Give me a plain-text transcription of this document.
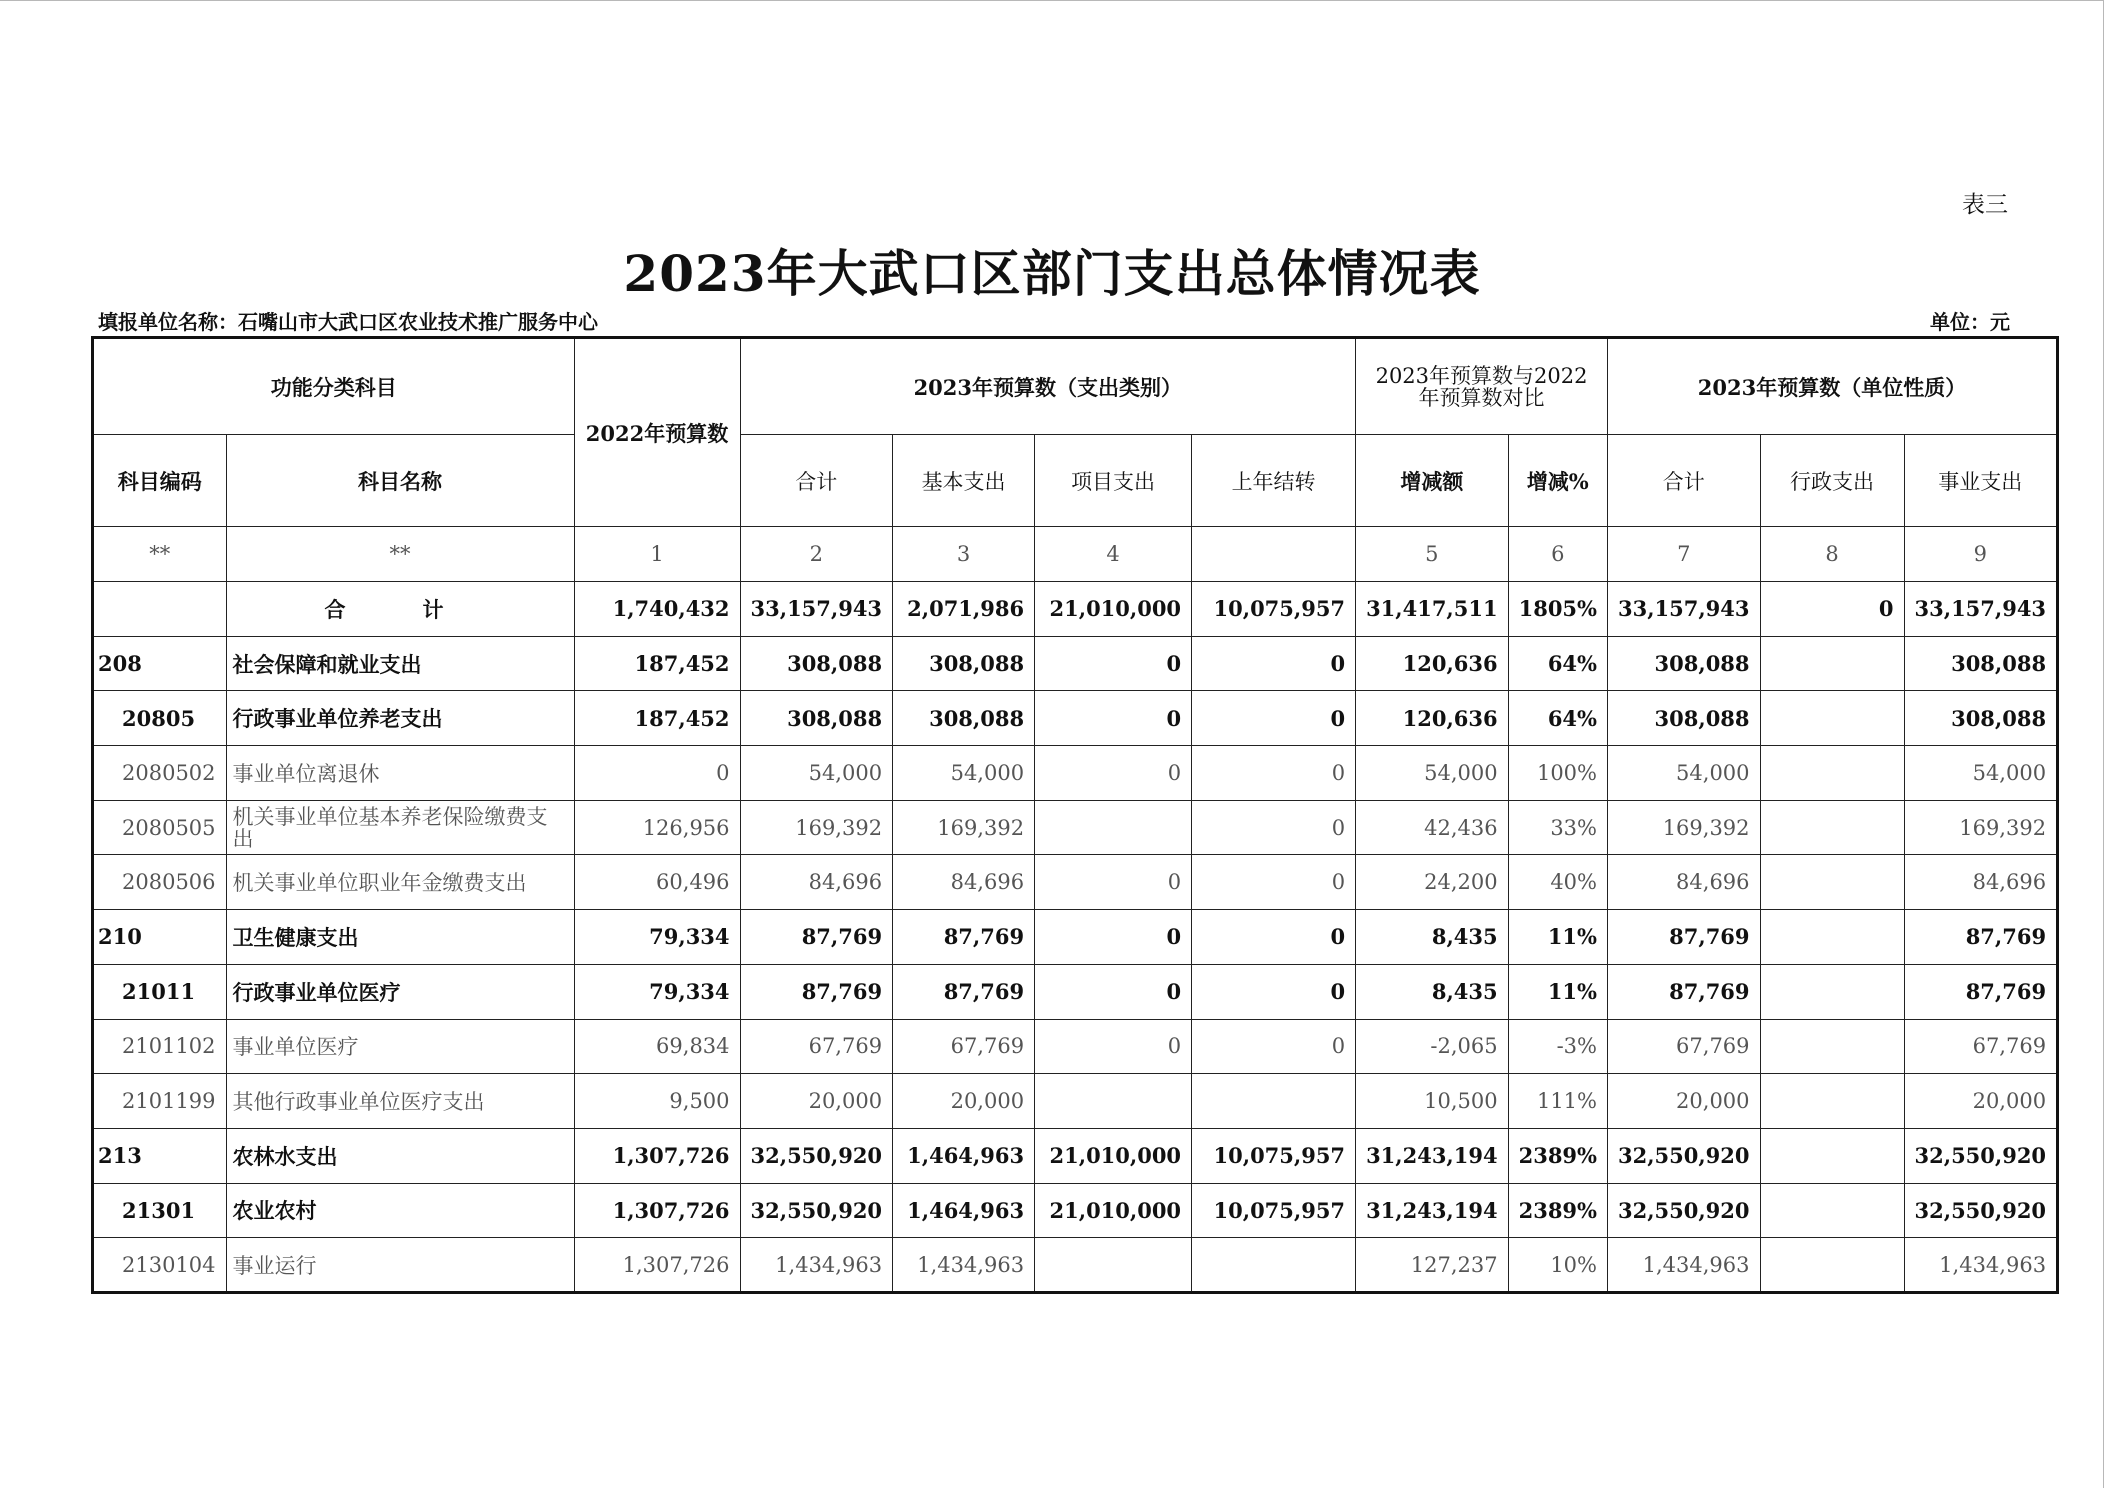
表三
2023年大武口区部门支出总体情况表
填报单位名称：石嘴山市大武口区农业技术推广服务中心	单位：元
功能分类科目		2022年预算数	2023年预算数（支出类别）				2023年预算数与2022年预算数对比		2023年预算数（单位性质）		
科目编码	科目名称		合计	基本支出	项目支出	上年结转	增减额	增减%	合计	行政支出	事业支出
**	**	1	2	3	4		5	6	7	8	9
	合　计	1,740,432	33,157,943	2,071,986	21,010,000	10,075,957	31,417,511	1805%	33,157,943	0	33,157,943
208	社会保障和就业支出	187,452	308,088	308,088	0	0	120,636	64%	308,088		308,088
20805	行政事业单位养老支出	187,452	308,088	308,088	0	0	120,636	64%	308,088		308,088
2080502	事业单位离退休	0	54,000	54,000	0	0	54,000	100%	54,000		54,000
2080505	机关事业单位基本养老保险缴费支出	126,956	169,392	169,392		0	42,436	33%	169,392		169,392
2080506	机关事业单位职业年金缴费支出	60,496	84,696	84,696	0	0	24,200	40%	84,696		84,696
210	卫生健康支出	79,334	87,769	87,769	0	0	8,435	11%	87,769		87,769
21011	行政事业单位医疗	79,334	87,769	87,769	0	0	8,435	11%	87,769		87,769
2101102	事业单位医疗	69,834	67,769	67,769	0	0	-2,065	-3%	67,769		67,769
2101199	其他行政事业单位医疗支出	9,500	20,000	20,000			10,500	111%	20,000		20,000
213	农林水支出	1,307,726	32,550,920	1,464,963	21,010,000	10,075,957	31,243,194	2389%	32,550,920		32,550,920
21301	农业农村	1,307,726	32,550,920	1,464,963	21,010,000	10,075,957	31,243,194	2389%	32,550,920		32,550,920
2130104	事业运行	1,307,726	1,434,963	1,434,963			127,237	10%	1,434,963		1,434,963
